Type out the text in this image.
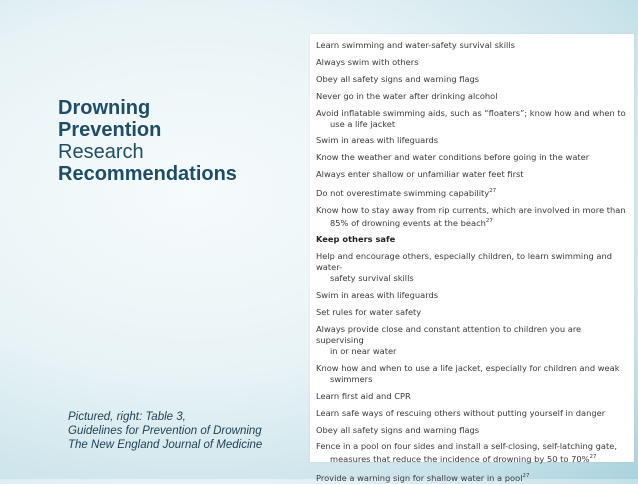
Drowning
Prevention
Research
Recommendations
Learn swimming and water-safety survival skills
Always swim with others
Obey all safety signs and warning flags
Never go in the water after drinking alcohol
Avoid inflatable swimming aids, such as “floaters”; know how and when to
use a life jacket
Swim in areas with lifeguards
Know the weather and water conditions before going in the water
Always enter shallow or unfamiliar water feet first
Do not overestimate swimming capability$^{27}$
Know how to stay away from rip currents, which are involved in more than
85% of drowning events at the beach$^{27}$
Keep others safe
Help and encourage others, especially children, to learn swimming and water-
safety survival skills
Swim in areas with lifeguards
Set rules for water safety
Always provide close and constant attention to children you are supervising
in or near water
Know how and when to use a life jacket, especially for children and weak
swimmers
Learn first aid and CPR
Learn safe ways of rescuing others without putting yourself in danger
Obey all safety signs and warning flags
Fence in a pool on four sides and install a self-closing, self-latching gate,
measures that reduce the incidence of drowning by 50 to 70%$^{27}$
Provide a warning sign for shallow water in a pool$^{27}$
Pictured, right: Table 3,
Guidelines for Prevention of Drowning
The New England Journal of Medicine
